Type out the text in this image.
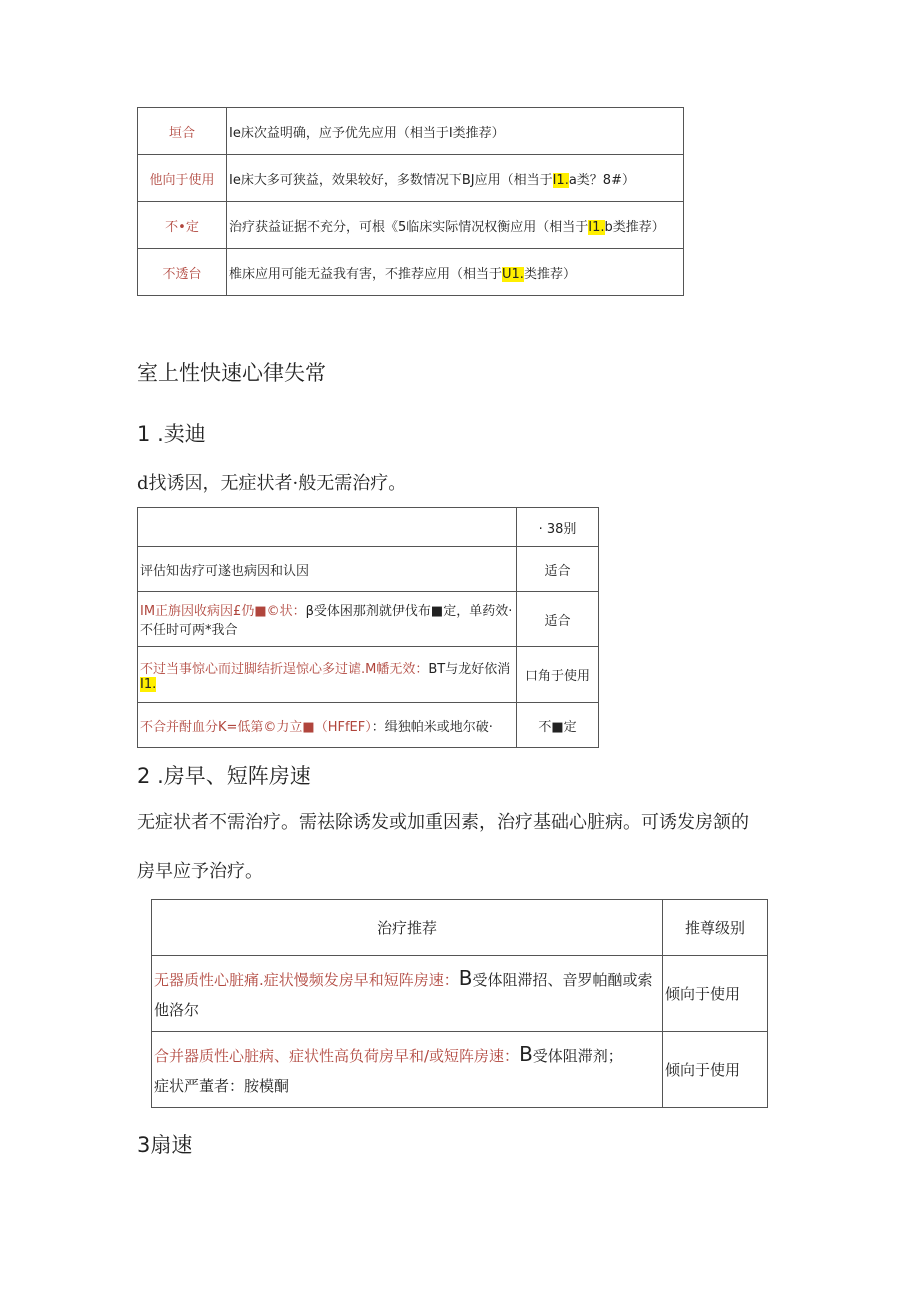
垣合	Ie床次益明确，应予优先应用（相当于I类推荐）
他向于使用	Ie床大多可狭益，效果较好，多数情况下BJ应用（相当于I1.a类？8#）
不•定	治疗获益证据不充分，可根《5临床实际情况权衡应用（相当于I1.b类推荐）
不透台	椎床应用可能无益我有害，不推荐应用（相当于U1.类推荐）
室上性快速心律失常
1 .卖迪

d找诱因，无症状者·般无需治疗。

	· 38别
评估知齿疗可遂也病因和认因	适合
IM正旃因收病因£仍■©状：β受体困那剂就伊伐布■定，单药效·不任时可两*我合	适合
不过当事惊心而过脚结折逞惊心多过谑.M幡无效：BT与龙好依消I1.	口角于使用
不合并酎血分K=低第©力立■（HFfEF）：缉独帕米或地尔破·	不■定
2 .房早、短阵房速

无症状者不需治疗。需祛除诱发或加重因素，治疗基础心脏病。可诱发房颔的

房早应予治疗。

治疗推荐	推尊级别
无器质性心脏痛.症状慢频发房早和短阵房速：B受体阻滞招、音罗帕酗或索他洛尔	倾向于使用
合并器质性心脏病、症状性高负荷房早和/或短阵房速：B受体阻滞剂；
症状严董者：胺模酮	倾向于使用
3扇速
